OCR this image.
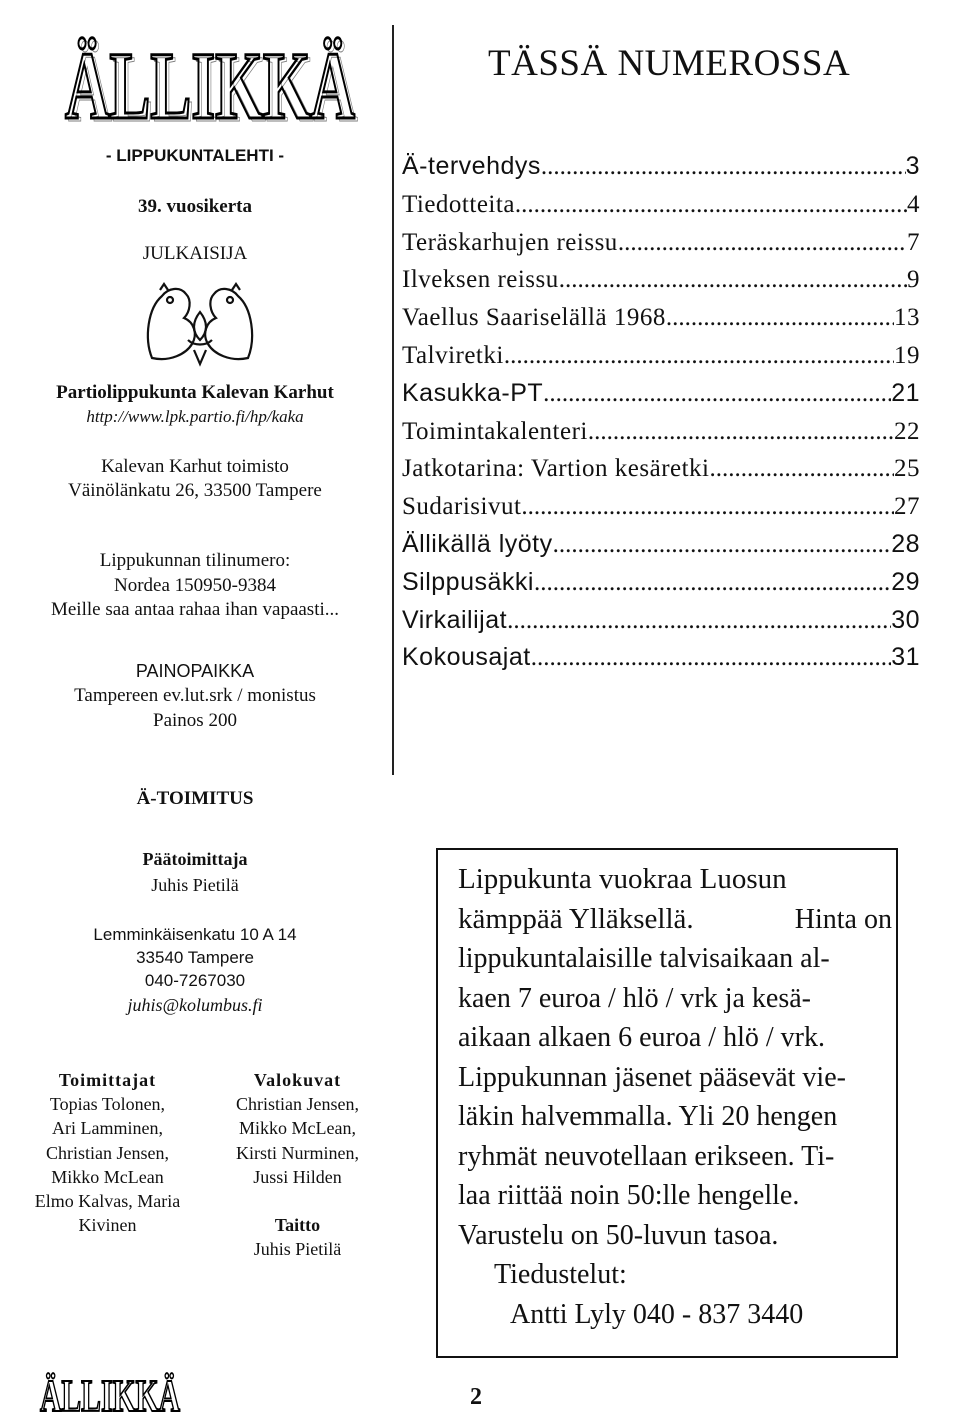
ÄLLIKKÄ
ÄLLIKKÄ
- LIPPUKUNTALEHTI -
39. vuosikerta
JULKAISIJA
Partiolippukunta Kalevan Karhut
http://www.lpk.partio.fi/hp/kaka
Kalevan Karhut toimisto
Väinölänkatu 26, 33500 Tampere
Lippukunnan tilinumero:
Nordea 150950-9384
Meille saa antaa rahaa ihan vapaasti...
PAINOPAIKKA
Tampereen ev.lut.srk / monistus
Painos 200
TÄSSÄ NUMEROSSA
Ä-tervehdys .....	3
Tiedotteita .....	4
Teräskarhujen reissu .....	7
Ilveksen reissu .....	9
Vaellus Saariselällä 1968 .....	13
Talviretki .....	19
Kasukka-PT .....	21
Toimintakalenteri .....	22
Jatkotarina: Vartion kesäretki .....	25
Sudarisivut .....	27
Ällikällä lyöty .....	28
Silppusäkki .....	29
Virkailijat .....	30
Kokousajat .....	31
Ä-TOIMITUS
Päätoimittaja
Juhis Pietilä
Lemminkäisenkatu 10 A 14
33540 Tampere
040-7267030
juhis@kolumbus.fi
Toimittajat
Topias Tolonen,
Ari Lamminen,
Christian Jensen,
Mikko McLean
Elmo Kalvas, Maria
Kivinen
Valokuvat
Christian Jensen,
Mikko McLean,
Kirsti Nurminen,
Jussi Hilden
Taitto
Juhis Pietilä
Lippukunta vuokraa Luosun
kämppää Ylläksellä.	Hinta on
lippukuntalaisille talvisaikaan al-
kaen 7 euroa / hlö / vrk ja kesä-
aikaan alkaen 6 euroa / hlö / vrk.
Lippukunnan jäsenet pääsevät vie-
läkin halvemmalla. Yli 20 hengen
ryhmät neuvotellaan erikseen. Ti-
laa riittää noin 50:lle hengelle.
Varustelu on 50-luvun tasoa.
Tiedustelut:
Antti Lyly 040 - 837 3440
ÄLLIKKÄ	2
